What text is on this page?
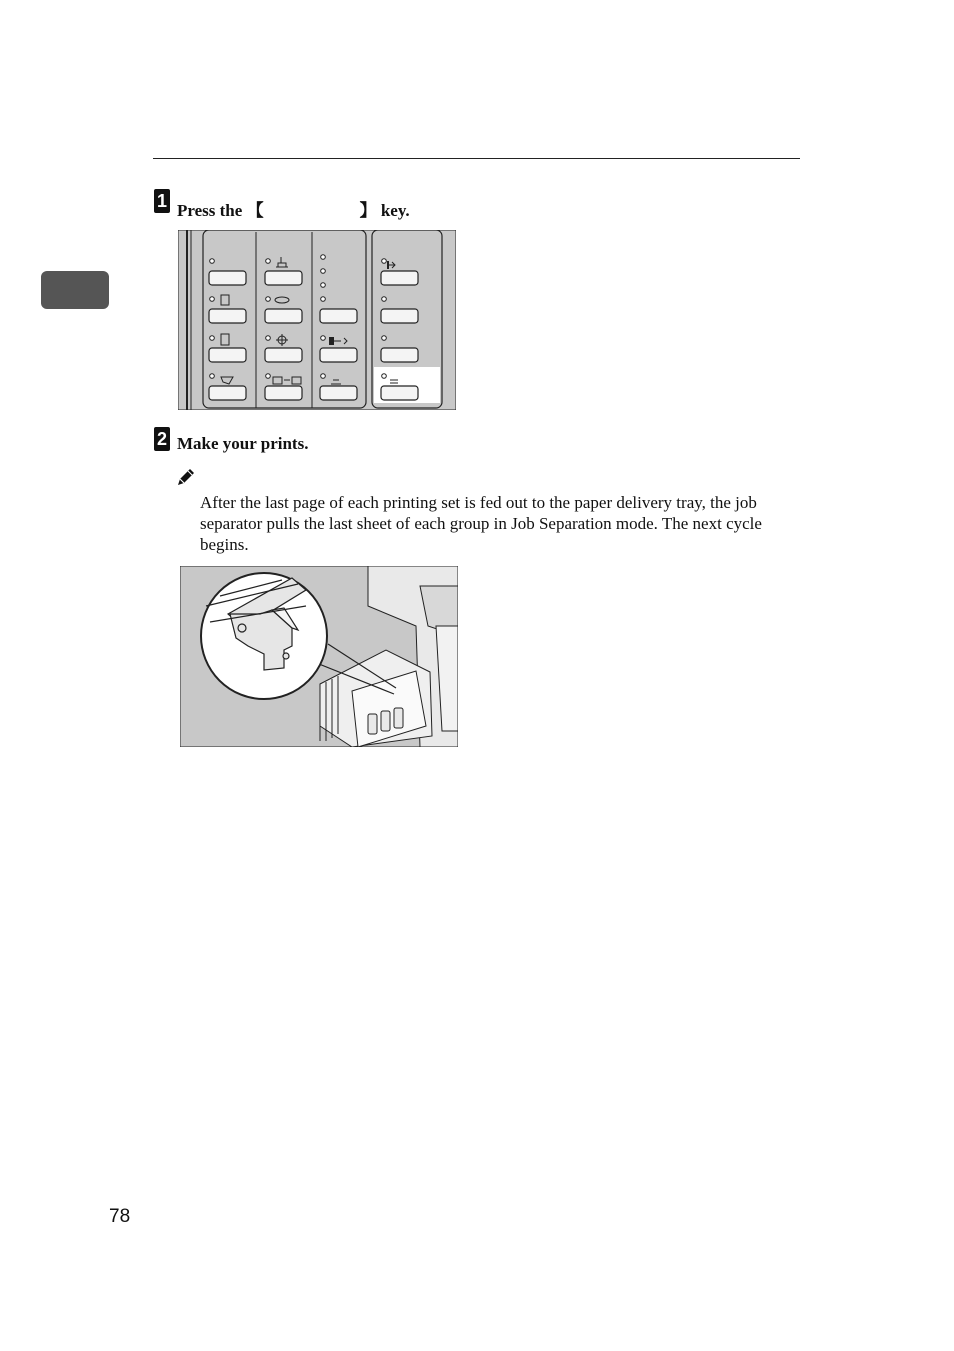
1 Press the 【	】 key.
2 Make your prints.
After the last page of each printing set is fed out to the paper delivery tray, the job separator pulls the last sheet of each group in Job Separation mode. The next cycle begins.
78
